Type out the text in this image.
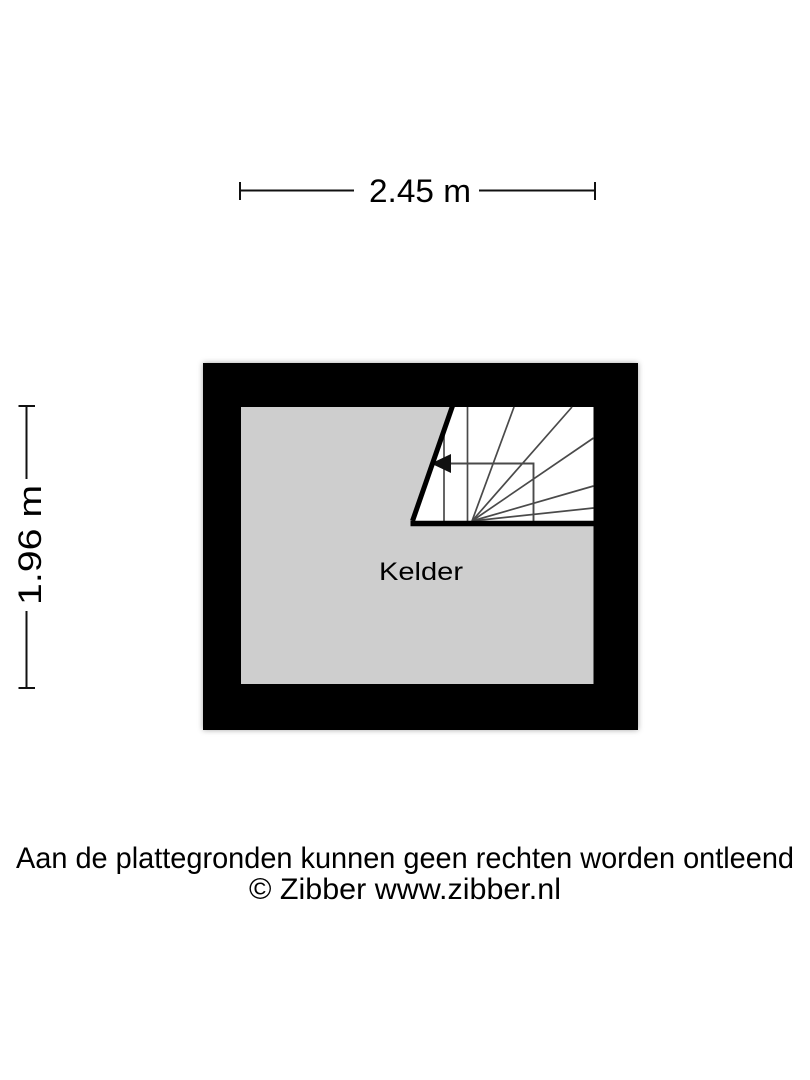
2.45 m
1.96 m	Kelder
Aan de plattegronden kunnen geen rechten worden ontleend
© Zibber www.zibber.nl
